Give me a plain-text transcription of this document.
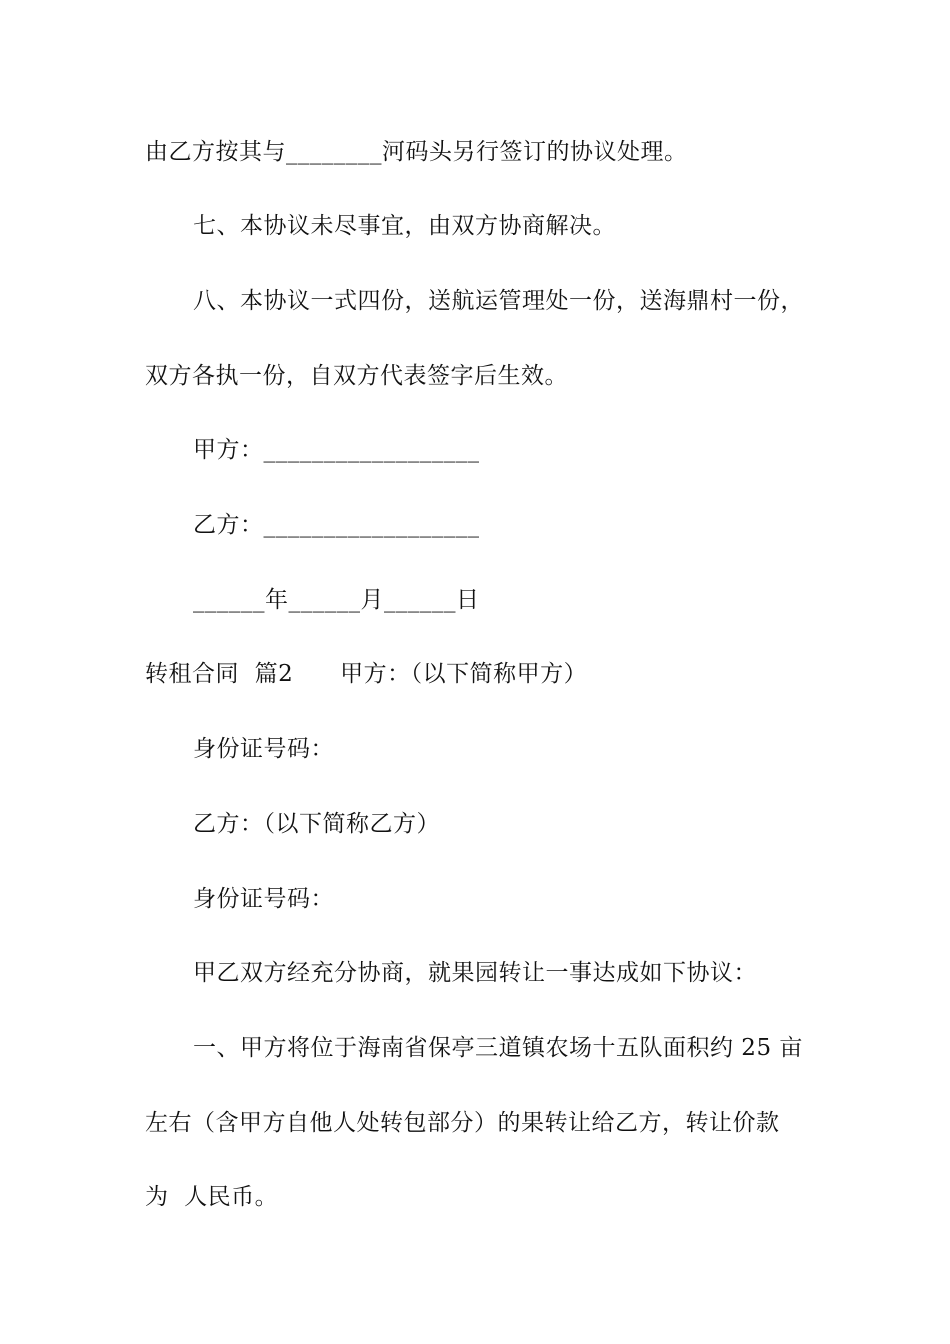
由乙方按其与________河码头另行签订的协议处理。
七、本协议未尽事宜，由双方协商解决。
八、本协议一式四份，送航运管理处一份，送海鼎村一份，
双方各执一份，自双方代表签字后生效。
甲方：__________________
乙方：__________________
______年______月______日
转租合同  篇2      甲方：（以下简称甲方）
身份证号码：
乙方：（以下简称乙方）
身份证号码：
甲乙双方经充分协商，就果园转让一事达成如下协议：
一、甲方将位于海南省保亭三道镇农场十五队面积约 25 亩
左右（含甲方自他人处转包部分）的果转让给乙方，转让价款
为  人民币。
